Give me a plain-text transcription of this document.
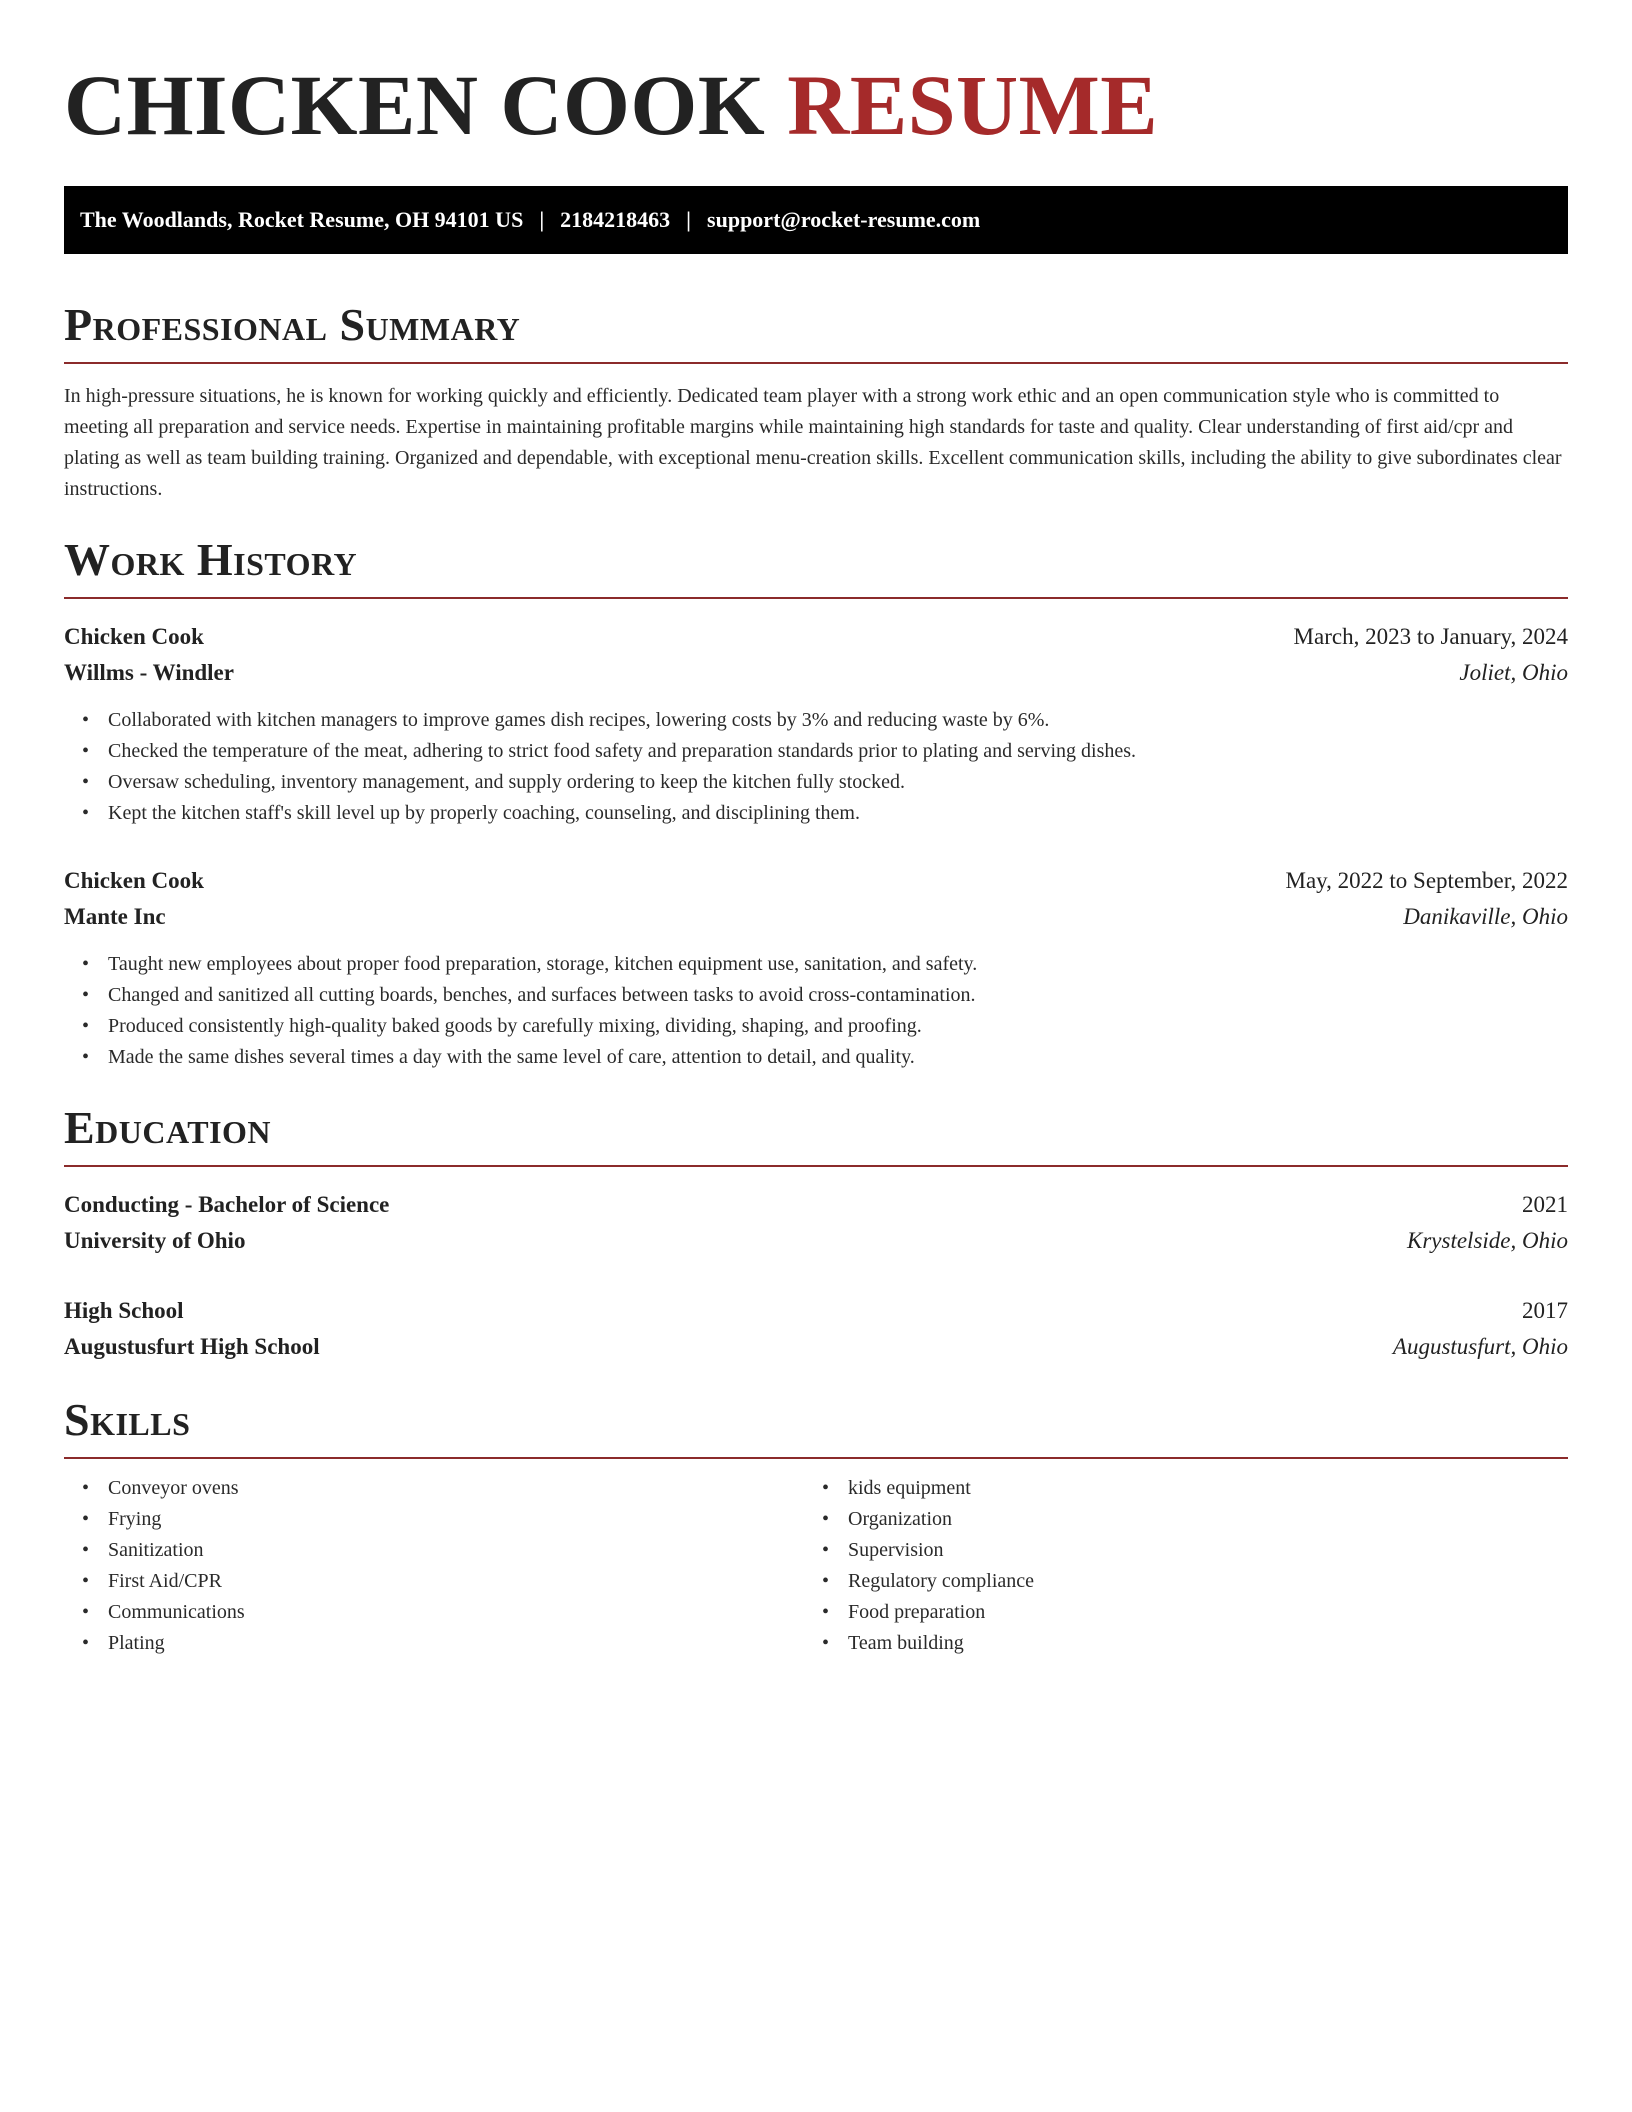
CHICKEN COOK RESUME
The Woodlands, Rocket Resume, OH 94101 US | 2184218463 | support@rocket-resume.com
Professional Summary

In high-pressure situations, he is known for working quickly and efficiently. Dedicated team player with a strong work ethic and an open communication style who is committed to meeting all preparation and service needs. Expertise in maintaining profitable margins while maintaining high standards for taste and quality. Clear understanding of first aid/cpr and plating as well as team building training. Organized and dependable, with exceptional menu-creation skills. Excellent communication skills, including the ability to give subordinates clear instructions.

Work History
Chicken Cook	March, 2023 to January, 2024
Willms - Windler	Joliet, Ohio
• Collaborated with kitchen managers to improve games dish recipes, lowering costs by 3% and reducing waste by 6%.
• Checked the temperature of the meat, adhering to strict food safety and preparation standards prior to plating and serving dishes.
• Oversaw scheduling, inventory management, and supply ordering to keep the kitchen fully stocked.
• Kept the kitchen staff's skill level up by properly coaching, counseling, and disciplining them.
Chicken Cook	May, 2022 to September, 2022
Mante Inc	Danikaville, Ohio
• Taught new employees about proper food preparation, storage, kitchen equipment use, sanitation, and safety.
• Changed and sanitized all cutting boards, benches, and surfaces between tasks to avoid cross-contamination.
• Produced consistently high-quality baked goods by carefully mixing, dividing, shaping, and proofing.
• Made the same dishes several times a day with the same level of care, attention to detail, and quality.
Education
Conducting - Bachelor of Science	2021
University of Ohio	Krystelside, Ohio
High School	2017
Augustusfurt High School	Augustusfurt, Ohio
Skills
• Conveyor ovens
• Frying
• Sanitization
• First Aid/CPR
• Communications
• Plating
• kids equipment
• Organization
• Supervision
• Regulatory compliance
• Food preparation
• Team building
